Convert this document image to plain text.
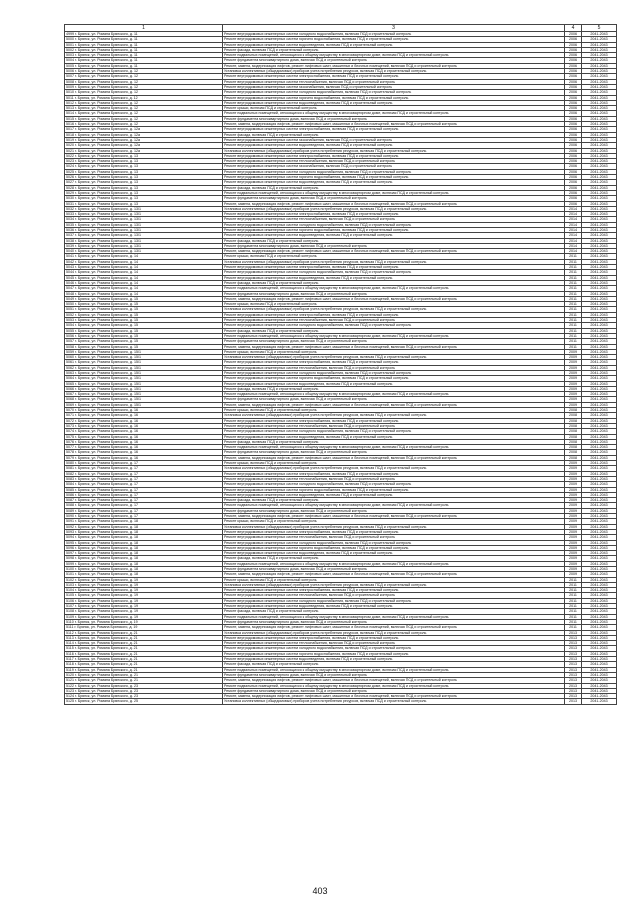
1	3	4	5
4999 г. Брянск, ул. Романа Брянского, д. 11	Ремонт внутридомовых инженерных систем холодного водоснабжения, включая ПСД и строительный контроль	2006	2041-2043
5000 г. Брянск, ул. Романа Брянского, д. 11	Ремонт внутридомовых инженерных систем горячего водоснабжения, включая ПСД и строительный контроль	2006	2041-2043
5001 г. Брянск, ул. Романа Брянского, д. 11	Ремонт внутридомовых инженерных систем водоотведения, включая ПСД и строительный контроль	2006	2041-2043
5002 г. Брянск, ул. Романа Брянского, д. 11	Ремонт фасада, включая ПСД и строительный контроль	2006	2041-2043
5003 г. Брянск, ул. Романа Брянского, д. 11	Ремонт подвальных помещений, относящихся к общему имуществу в многоквартирном доме, включая ПСД и строительный контроль	2006	2041-2043
5004 г. Брянск, ул. Романа Брянского, д. 11	Ремонт фундамента многоквартирного дома, включая ПСД и строительный контроль	2006	2041-2043
5005 г. Брянск, ул. Романа Брянского, д. 11	Ремонт, замена, модернизация лифтов, ремонт лифтовых шахт, машинных и блочных помещений, включая ПСД и строительный контроль	2006	2041-2043
5006 г. Брянск, ул. Романа Брянского, д. 12	Установка коллективных (общедомовых) приборов учета потребления ресурсов, включая ПСД и строительный контроль	2006	2041-2043
5007 г. Брянск, ул. Романа Брянского, д. 12	Ремонт внутридомовых инженерных систем электроснабжения, включая ПСД и строительный контроль	2006	2041-2043
5008 г. Брянск, ул. Романа Брянского, д. 12	Ремонт внутридомовых инженерных систем теплоснабжения, включая ПСД и строительный контроль	2006	2041-2043
5009 г. Брянск, ул. Романа Брянского, д. 12	Ремонт внутридомовых инженерных систем газоснабжения, включая ПСД и строительный контроль	2006	2041-2043
5010 г. Брянск, ул. Романа Брянского, д. 12	Ремонт внутридомовых инженерных систем холодного водоснабжения, включая ПСД и строительный контроль	2006	2041-2043
5011 г. Брянск, ул. Романа Брянского, д. 12	Ремонт внутридомовых инженерных систем горячего водоснабжения, включая ПСД и строительный контроль	2006	2041-2043
5012 г. Брянск, ул. Романа Брянского, д. 12	Ремонт внутридомовых инженерных систем водоотведения, включая ПСД и строительный контроль	2006	2041-2043
5013 г. Брянск, ул. Романа Брянского, д. 12	Ремонт крыши, включая ПСД и строительный контроль	2006	2041-2043
5014 г. Брянск, ул. Романа Брянского, д. 12	Ремонт подвальных помещений, относящихся к общему имуществу в многоквартирном доме, включая ПСД и строительный контроль	2006	2041-2043
5015 г. Брянск, ул. Романа Брянского, д. 12	Ремонт фундамента многоквартирного дома, включая ПСД и строительный контроль	2006	2041-2043
5016 г. Брянск, ул. Романа Брянского, д. 12	Ремонт, замена, модернизация лифтов, ремонт лифтовых шахт, машинных и блочных помещений, включая ПСД и строительный контроль	2006	2041-2043
5017 г. Брянск, ул. Романа Брянского, д. 12а	Ремонт внутридомовых инженерных систем электроснабжения, включая ПСД и строительный контроль	2006	2041-2043
5018 г. Брянск, ул. Романа Брянского, д. 12а	Ремонт фасада, включая ПСД и строительный контроль	2006	2041-2043
5019 г. Брянск, ул. Романа Брянского, д. 12а	Ремонт внутридомовых инженерных систем газоснабжения, включая ПСД и строительный контроль	2006	2041-2043
5020 г. Брянск, ул. Романа Брянского, д. 12а	Ремонт внутридомовых инженерных систем водоотведения, включая ПСД и строительный контроль	2006	2041-2043
5021 г. Брянск, ул. Романа Брянского, д. 12а	Установка коллективных (общедомовых) приборов учета потребления ресурсов, включая ПСД и строительный контроль	2006	2041-2043
5022 г. Брянск, ул. Романа Брянского, д. 13	Ремонт внутридомовых инженерных систем электроснабжения, включая ПСД и строительный контроль	2006	2041-2043
5023 г. Брянск, ул. Романа Брянского, д. 13	Ремонт внутридомовых инженерных систем теплоснабжения, включая ПСД и строительный контроль	2006	2041-2043
5024 г. Брянск, ул. Романа Брянского, д. 13	Ремонт внутридомовых инженерных систем газоснабжения, включая ПСД и строительный контроль	2006	2041-2043
5025 г. Брянск, ул. Романа Брянского, д. 13	Ремонт внутридомовых инженерных систем холодного водоснабжения, включая ПСД и строительный контроль	2006	2041-2043
5026 г. Брянск, ул. Романа Брянского, д. 13	Ремонт внутридомовых инженерных систем горячего водоснабжения, включая ПСД и строительный контроль	2006	2041-2043
5027 г. Брянск, ул. Романа Брянского, д. 13	Ремонт внутридомовых инженерных систем водоотведения, включая ПСД и строительный контроль	2006	2041-2043
5028 г. Брянск, ул. Романа Брянского, д. 13	Ремонт фасада, включая ПСД и строительный контроль	2006	2041-2043
5029 г. Брянск, ул. Романа Брянского, д. 13	Ремонт подвальных помещений, относящихся к общему имуществу в многоквартирном доме, включая ПСД и строительный контроль	2006	2041-2043
5030 г. Брянск, ул. Романа Брянского, д. 13	Ремонт фундамента многоквартирного дома, включая ПСД и строительный контроль	2006	2041-2043
5031 г. Брянск, ул. Романа Брянского, д. 13	Ремонт, замена, модернизация лифтов, ремонт лифтовых шахт, машинных и блочных помещений, включая ПСД и строительный контроль	2006	2041-2043
5032 г. Брянск, ул. Романа Брянского, д. 13/1	Установка коллективных (общедомовых) приборов учета потребления ресурсов, включая ПСД и строительный контроль	2014	2041-2043
5033 г. Брянск, ул. Романа Брянского, д. 13/1	Ремонт внутридомовых инженерных систем электроснабжения, включая ПСД и строительный контроль	2014	2041-2043
5034 г. Брянск, ул. Романа Брянского, д. 13/1	Ремонт внутридомовых инженерных систем теплоснабжения, включая ПСД и строительный контроль	2014	2041-2043
5035 г. Брянск, ул. Романа Брянского, д. 13/1	Ремонт внутридомовых инженерных систем холодного водоснабжения, включая ПСД и строительный контроль	2014	2041-2043
5036 г. Брянск, ул. Романа Брянского, д. 13/1	Ремонт внутридомовых инженерных систем горячего водоснабжения, включая ПСД и строительный контроль	2014	2041-2043
5037 г. Брянск, ул. Романа Брянского, д. 13/1	Ремонт внутридомовых инженерных систем водоотведения, включая ПСД и строительный контроль	2014	2041-2043
5038 г. Брянск, ул. Романа Брянского, д. 13/1	Ремонт фасада, включая ПСД и строительный контроль	2014	2041-2043
5039 г. Брянск, ул. Романа Брянского, д. 13/1	Ремонт фундамента многоквартирного дома, включая ПСД и строительный контроль	2014	2041-2043
5040 г. Брянск, ул. Романа Брянского, д. 13/1	Ремонт, замена, модернизация лифтов, ремонт лифтовых шахт, машинных и блочных помещений, включая ПСД и строительный контроль	2014	2041-2043
5041 г. Брянск, ул. Романа Брянского, д. 14	Ремонт крыши, включая ПСД и строительный контроль	2011	2041-2043
5042 г. Брянск, ул. Романа Брянского, д. 14	Установка коллективных (общедомовых) приборов учета потребления ресурсов, включая ПСД и строительный контроль	2011	2041-2043
5043 г. Брянск, ул. Романа Брянского, д. 14	Ремонт внутридомовых инженерных систем электроснабжения, включая ПСД и строительный контроль	2011	2041-2043
5044 г. Брянск, ул. Романа Брянского, д. 14	Ремонт внутридомовых инженерных систем холодного водоснабжения, включая ПСД и строительный контроль	2011	2041-2043
5045 г. Брянск, ул. Романа Брянского, д. 14	Ремонт внутридомовых инженерных систем водоотведения, включая ПСД и строительный контроль	2011	2041-2043
5046 г. Брянск, ул. Романа Брянского, д. 14	Ремонт фасада, включая ПСД и строительный контроль	2011	2041-2043
5047 г. Брянск, ул. Романа Брянского, д. 14	Ремонт подвальных помещений, относящихся к общему имуществу в многоквартирном доме, включая ПСД и строительный контроль	2011	2041-2043
5048 г. Брянск, ул. Романа Брянского, д. 14	Ремонт фундамента многоквартирного дома, включая ПСД и строительный контроль	2011	2041-2043
5049 г. Брянск, ул. Романа Брянского, д. 15	Ремонт, замена, модернизация лифтов, ремонт лифтовых шахт, машинных и блочных помещений, включая ПСД и строительный контроль	2011	2041-2043
5050 г. Брянск, ул. Романа Брянского, д. 15	Ремонт крыши, включая ПСД и строительный контроль	2011	2041-2043
5051 г. Брянск, ул. Романа Брянского, д. 15	Установка коллективных (общедомовых) приборов учета потребления ресурсов, включая ПСД и строительный контроль	2011	2041-2043
5052 г. Брянск, ул. Романа Брянского, д. 15	Ремонт внутридомовых инженерных систем электроснабжения, включая ПСД и строительный контроль	2011	2041-2043
5053 г. Брянск, ул. Романа Брянского, д. 15	Ремонт внутридомовых инженерных систем теплоснабжения, включая ПСД и строительный контроль	2011	2041-2043
5054 г. Брянск, ул. Романа Брянского, д. 15	Ремонт внутридомовых инженерных систем холодного водоснабжения, включая ПСД и строительный контроль	2011	2041-2043
5055 г. Брянск, ул. Романа Брянского, д. 15	Ремонт фасада, включая ПСД и строительный контроль	2011	2041-2043
5056 г. Брянск, ул. Романа Брянского, д. 15	Ремонт подвальных помещений, относящихся к общему имуществу в многоквартирном доме, включая ПСД и строительный контроль	2011	2041-2043
5057 г. Брянск, ул. Романа Брянского, д. 15	Ремонт фундамента многоквартирного дома, включая ПСД и строительный контроль	2011	2041-2043
5058 г. Брянск, ул. Романа Брянского, д. 15	Ремонт, замена, модернизация лифтов, ремонт лифтовых шахт, машинных и блочных помещений, включая ПСД и строительный контроль	2011	2041-2043
5059 г. Брянск, ул. Романа Брянского, д. 15/1	Ремонт крыши, включая ПСД и строительный контроль	2009	2041-2043
5060 г. Брянск, ул. Романа Брянского, д. 15/1	Установка коллективных (общедомовых) приборов учета потребления ресурсов, включая ПСД и строительный контроль	2009	2041-2043
5061 г. Брянск, ул. Романа Брянского, д. 15/1	Ремонт внутридомовых инженерных систем электроснабжения, включая ПСД и строительный контроль	2009	2041-2043
5062 г. Брянск, ул. Романа Брянского, д. 15/1	Ремонт внутридомовых инженерных систем теплоснабжения, включая ПСД и строительный контроль	2009	2041-2043
5063 г. Брянск, ул. Романа Брянского, д. 15/1	Ремонт внутридомовых инженерных систем холодного водоснабжения, включая ПСД и строительный контроль	2009	2041-2043
5064 г. Брянск, ул. Романа Брянского, д. 15/1	Ремонт внутридомовых инженерных систем горячего водоснабжения, включая ПСД и строительный контроль	2009	2041-2043
5065 г. Брянск, ул. Романа Брянского, д. 15/1	Ремонт внутридомовых инженерных систем водоотведения, включая ПСД и строительный контроль	2009	2041-2043
5066 г. Брянск, ул. Романа Брянского, д. 15/1	Ремонт фасада, включая ПСД и строительный контроль	2009	2041-2043
5067 г. Брянск, ул. Романа Брянского, д. 15/1	Ремонт подвальных помещений, относящихся к общему имуществу в многоквартирном доме, включая ПСД и строительный контроль	2009	2041-2043
5068 г. Брянск, ул. Романа Брянского, д. 15/1	Ремонт фундамента многоквартирного дома, включая ПСД и строительный контроль	2009	2041-2043
5069 г. Брянск, ул. Романа Брянского, д. 15/1	Ремонт, замена, модернизация лифтов, ремонт лифтовых шахт, машинных и блочных помещений, включая ПСД и строительный контроль	2009	2041-2043
5070 г. Брянск, ул. Романа Брянского, д. 16	Ремонт крыши, включая ПСД и строительный контроль	2008	2041-2043
5071 г. Брянск, ул. Романа Брянского, д. 16	Установка коллективных (общедомовых) приборов учета потребления ресурсов, включая ПСД и строительный контроль	2008	2041-2043
5072 г. Брянск, ул. Романа Брянского, д. 16	Ремонт внутридомовых инженерных систем электроснабжения, включая ПСД и строительный контроль	2008	2041-2043
5073 г. Брянск, ул. Романа Брянского, д. 16	Ремонт внутридомовых инженерных систем теплоснабжения, включая ПСД и строительный контроль	2008	2041-2043
5074 г. Брянск, ул. Романа Брянского, д. 16	Ремонт внутридомовых инженерных систем холодного водоснабжения, включая ПСД и строительный контроль	2008	2041-2043
5075 г. Брянск, ул. Романа Брянского, д. 16	Ремонт внутридомовых инженерных систем водоотведения, включая ПСД и строительный контроль	2008	2041-2043
5076 г. Брянск, ул. Романа Брянского, д. 16	Ремонт фасада, включая ПСД и строительный контроль	2008	2041-2043
5077 г. Брянск, ул. Романа Брянского, д. 16	Ремонт подвальных помещений, относящихся к общему имуществу в многоквартирном доме, включая ПСД и строительный контроль	2008	2041-2043
5078 г. Брянск, ул. Романа Брянского, д. 16	Ремонт фундамента многоквартирного дома, включая ПСД и строительный контроль	2008	2041-2043
5079 г. Брянск, ул. Романа Брянского, д. 16	Ремонт, замена, модернизация лифтов, ремонт лифтовых шахт, машинных и блочных помещений, включая ПСД и строительный контроль	2008	2041-2043
5080 г. Брянск, ул. Романа Брянского, д. 17	Ремонт крыши, включая ПСД и строительный контроль	2009	2041-2043
5081 г. Брянск, ул. Романа Брянского, д. 17	Установка коллективных (общедомовых) приборов учета потребления ресурсов, включая ПСД и строительный контроль	2009	2041-2043
5082 г. Брянск, ул. Романа Брянского, д. 17	Ремонт внутридомовых инженерных систем электроснабжения, включая ПСД и строительный контроль	2009	2041-2043
5083 г. Брянск, ул. Романа Брянского, д. 17	Ремонт внутридомовых инженерных систем теплоснабжения, включая ПСД и строительный контроль	2009	2041-2043
5084 г. Брянск, ул. Романа Брянского, д. 17	Ремонт внутридомовых инженерных систем холодного водоснабжения, включая ПСД и строительный контроль	2009	2041-2043
5085 г. Брянск, ул. Романа Брянского, д. 17	Ремонт внутридомовых инженерных систем горячего водоснабжения, включая ПСД и строительный контроль	2009	2041-2043
5086 г. Брянск, ул. Романа Брянского, д. 17	Ремонт внутридомовых инженерных систем водоотведения, включая ПСД и строительный контроль	2009	2041-2043
5087 г. Брянск, ул. Романа Брянского, д. 17	Ремонт фасада, включая ПСД и строительный контроль	2009	2041-2043
5088 г. Брянск, ул. Романа Брянского, д. 17	Ремонт подвальных помещений, относящихся к общему имуществу в многоквартирном доме, включая ПСД и строительный контроль	2009	2041-2043
5089 г. Брянск, ул. Романа Брянского, д. 17	Ремонт фундамента многоквартирного дома, включая ПСД и строительный контроль	2009	2041-2043
5090 г. Брянск, ул. Романа Брянского, д. 17	Ремонт, замена, модернизация лифтов, ремонт лифтовых шахт, машинных и блочных помещений, включая ПСД и строительный контроль	2009	2041-2043
5091 г. Брянск, ул. Романа Брянского, д. 18	Ремонт крыши, включая ПСД и строительный контроль	2009	2041-2043
5092 г. Брянск, ул. Романа Брянского, д. 18	Установка коллективных (общедомовых) приборов учета потребления ресурсов, включая ПСД и строительный контроль	2009	2041-2043
5093 г. Брянск, ул. Романа Брянского, д. 18	Ремонт внутридомовых инженерных систем электроснабжения, включая ПСД и строительный контроль	2009	2041-2043
5094 г. Брянск, ул. Романа Брянского, д. 18	Ремонт внутридомовых инженерных систем теплоснабжения, включая ПСД и строительный контроль	2009	2041-2043
5095 г. Брянск, ул. Романа Брянского, д. 18	Ремонт внутридомовых инженерных систем холодного водоснабжения, включая ПСД и строительный контроль	2009	2041-2043
5096 г. Брянск, ул. Романа Брянского, д. 18	Ремонт внутридомовых инженерных систем горячего водоснабжения, включая ПСД и строительный контроль	2009	2041-2043
5097 г. Брянск, ул. Романа Брянского, д. 18	Ремонт внутридомовых инженерных систем водоотведения, включая ПСД и строительный контроль	2009	2041-2043
5098 г. Брянск, ул. Романа Брянского, д. 18	Ремонт фасада, включая ПСД и строительный контроль	2009	2041-2043
5099 г. Брянск, ул. Романа Брянского, д. 18	Ремонт подвальных помещений, относящихся к общему имуществу в многоквартирном доме, включая ПСД и строительный контроль	2009	2041-2043
5100 г. Брянск, ул. Романа Брянского, д. 18	Ремонт фундамента многоквартирного дома, включая ПСД и строительный контроль	2009	2041-2043
5101 г. Брянск, ул. Романа Брянского, д. 18	Ремонт, замена, модернизация лифтов, ремонт лифтовых шахт, машинных и блочных помещений, включая ПСД и строительный контроль	2009	2041-2043
5102 г. Брянск, ул. Романа Брянского, д. 19	Ремонт крыши, включая ПСД и строительный контроль	2011	2041-2043
5103 г. Брянск, ул. Романа Брянского, д. 19	Установка коллективных (общедомовых) приборов учета потребления ресурсов, включая ПСД и строительный контроль	2011	2041-2043
5104 г. Брянск, ул. Романа Брянского, д. 19	Ремонт внутридомовых инженерных систем электроснабжения, включая ПСД и строительный контроль	2011	2041-2043
5105 г. Брянск, ул. Романа Брянского, д. 19	Ремонт внутридомовых инженерных систем теплоснабжения, включая ПСД и строительный контроль	2011	2041-2043
5106 г. Брянск, ул. Романа Брянского, д. 19	Ремонт внутридомовых инженерных систем холодного водоснабжения, включая ПСД и строительный контроль	2011	2041-2043
5107 г. Брянск, ул. Романа Брянского, д. 19	Ремонт внутридомовых инженерных систем водоотведения, включая ПСД и строительный контроль	2011	2041-2043
5108 г. Брянск, ул. Романа Брянского, д. 19	Ремонт фасада, включая ПСД и строительный контроль	2011	2041-2043
5109 г. Брянск, ул. Романа Брянского, д. 19	Ремонт подвальных помещений, относящихся к общему имуществу в многоквартирном доме, включая ПСД и строительный контроль	2011	2041-2043
5110 г. Брянск, ул. Романа Брянского, д. 19	Ремонт фундамента многоквартирного дома, включая ПСД и строительный контроль	2011	2041-2043
5111 г. Брянск, ул. Романа Брянского, д. 19	Ремонт, замена, модернизация лифтов, ремонт лифтовых шахт, машинных и блочных помещений, включая ПСД и строительный контроль	2011	2041-2043
5112 г. Брянск, ул. Романа Брянского, д. 21	Установка коллективных (общедомовых) приборов учета потребления ресурсов, включая ПСД и строительный контроль	2013	2041-2043
5113 г. Брянск, ул. Романа Брянского, д. 21	Ремонт внутридомовых инженерных систем электроснабжения, включая ПСД и строительный контроль	2013	2041-2043
5114 г. Брянск, ул. Романа Брянского, д. 21	Ремонт внутридомовых инженерных систем теплоснабжения, включая ПСД и строительный контроль	2013	2041-2043
5115 г. Брянск, ул. Романа Брянского, д. 21	Ремонт внутридомовых инженерных систем холодного водоснабжения, включая ПСД и строительный контроль	2013	2041-2043
5116 г. Брянск, ул. Романа Брянского, д. 21	Ремонт внутридомовых инженерных систем горячего водоснабжения, включая ПСД и строительный контроль	2013	2041-2043
5117 г. Брянск, ул. Романа Брянского, д. 21	Ремонт внутридомовых инженерных систем водоотведения, включая ПСД и строительный контроль	2013	2041-2043
5118 г. Брянск, ул. Романа Брянского, д. 21	Ремонт фасада, включая ПСД и строительный контроль	2013	2041-2043
5119 г. Брянск, ул. Романа Брянского, д. 21	Ремонт подвальных помещений, относящихся к общему имуществу в многоквартирном доме, включая ПСД и строительный контроль	2013	2041-2043
5120 г. Брянск, ул. Романа Брянского, д. 21	Ремонт фундамента многоквартирного дома, включая ПСД и строительный контроль	2013	2041-2043
5121 г. Брянск, ул. Романа Брянского, д. 21	Ремонт, замена, модернизация лифтов, ремонт лифтовых шахт, машинных и блочных помещений, включая ПСД и строительный контроль	2013	2041-2043
5122 г. Брянск, ул. Романа Брянского, д. 23	Ремонт подвальных помещений, относящихся к общему имуществу в многоквартирном доме, включая ПСД и строительный контроль	2013	2041-2043
5123 г. Брянск, ул. Романа Брянского, д. 23	Ремонт фундамента многоквартирного дома, включая ПСД и строительный контроль	2013	2041-2043
5124 г. Брянск, ул. Романа Брянского, д. 23	Ремонт, замена, модернизация лифтов, ремонт лифтовых шахт, машинных и блочных помещений, включая ПСД и строительный контроль	2013	2041-2043
5125 г. Брянск, ул. Романа Брянского, д. 25	Установка коллективных (общедомовых) приборов учета потребления ресурсов, включая ПСД и строительный контроль	2013	2041-2043
403
